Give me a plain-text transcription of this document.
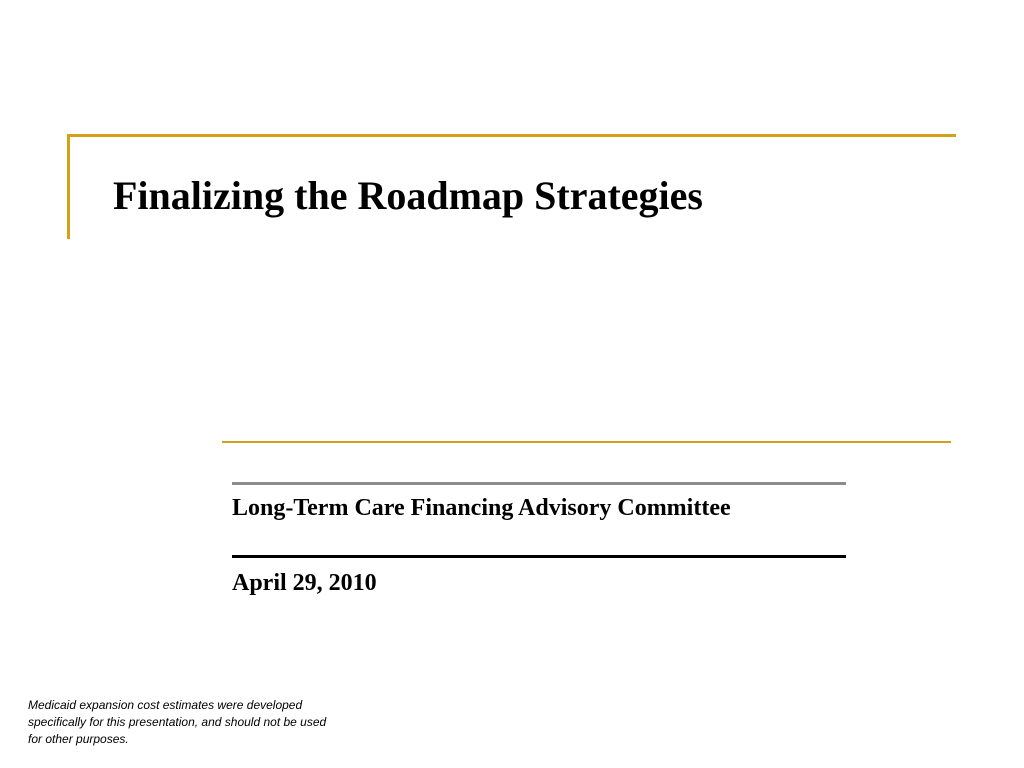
Finalizing the Roadmap Strategies
Long-Term Care Financing Advisory Committee
April 29, 2010
Medicaid expansion cost estimates were developed
specifically for this presentation, and should not be used
for other purposes.
